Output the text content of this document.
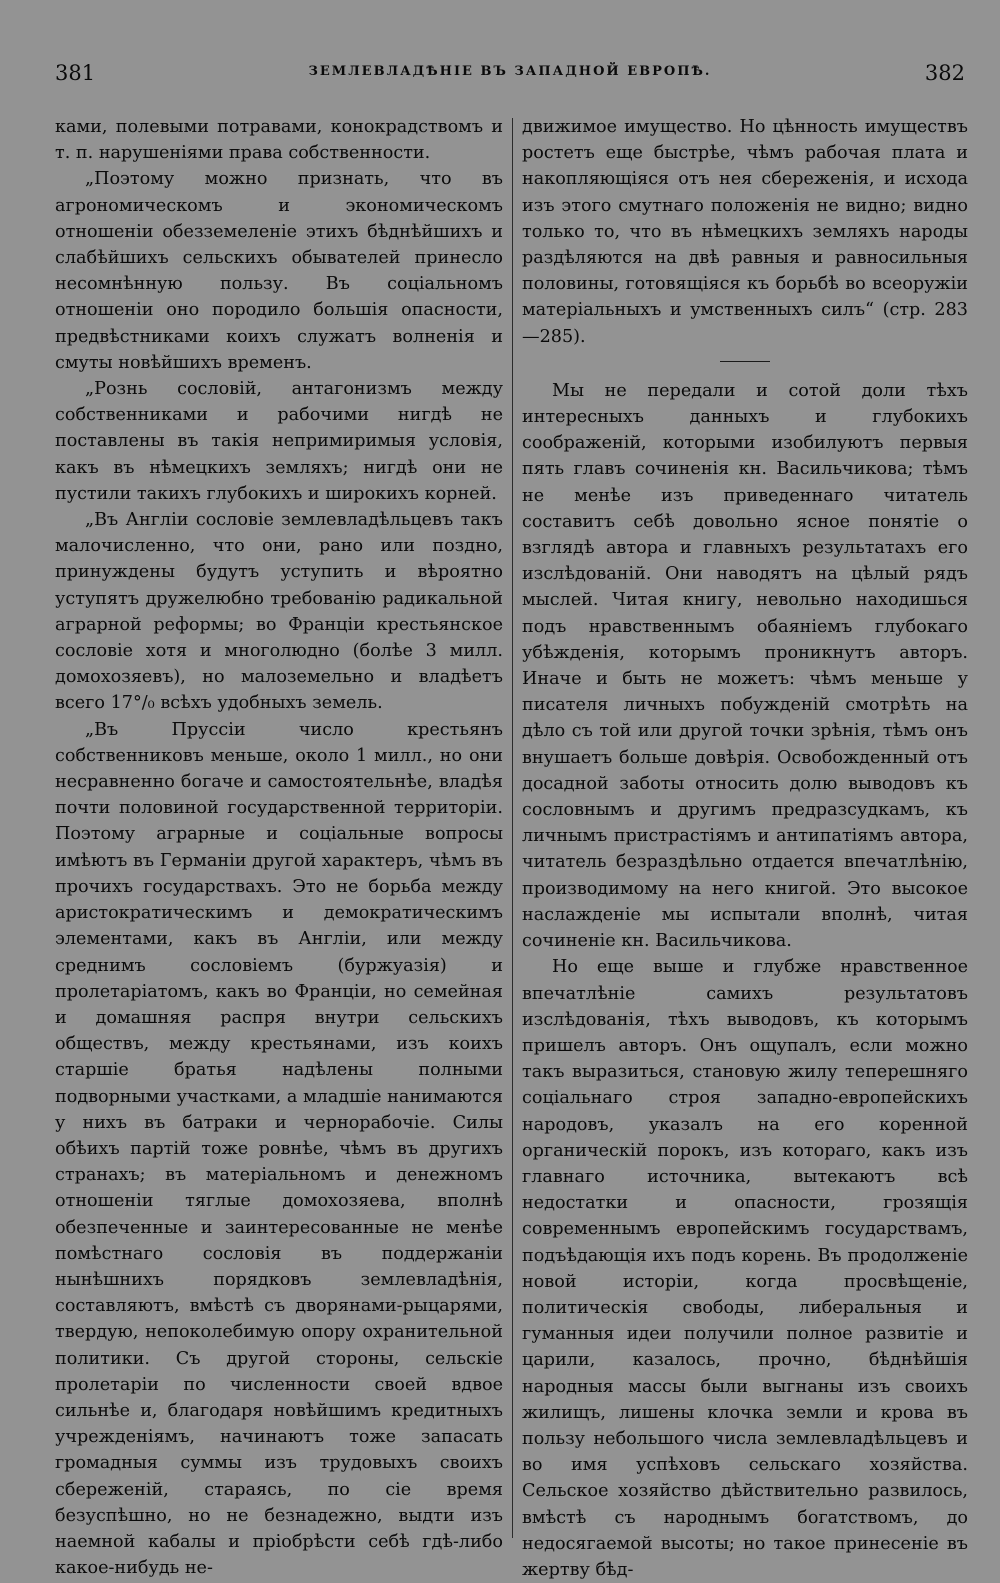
381	ЗЕМЛЕВЛАДѢНІЕ ВЪ ЗАПАДНОЙ ЕВРОПѢ.	382

ками, полевыми потравами, конокрадствомъ и т. п. нарушеніями права собственности.

„Поэтому можно признать, что въ агрономическомъ и экономическомъ отношеніи обезземеленіе этихъ бѣднѣйшихъ и слабѣйшихъ сельскихъ обывателей принесло несомнѣнную пользу. Въ соціальномъ отношеніи оно породило большія опасности, предвѣстниками коихъ служатъ волненія и смуты новѣйшихъ временъ.

„Рознь сословій, антагонизмъ между собственниками и рабочими нигдѣ не поставлены въ такія непримиримыя условія, какъ въ нѣмецкихъ земляхъ; нигдѣ они не пустили такихъ глубокихъ и широкихъ корней.

„Въ Англіи сословіе землевладѣльцевъ такъ малочисленно, что они, рано или поздно, принуждены будутъ уступить и вѣроятно уступятъ дружелюбно требованію радикальной аграрной реформы; во Франціи крестьянское сословіе хотя и многолюдно (болѣе 3 милл. домохозяевъ), но малоземельно и владѣетъ всего 17°/₀ всѣхъ удобныхъ земель.

„Въ Пруссіи число крестьянъ собственниковъ меньше, около 1 милл., но они несравненно богаче и самостоятельнѣе, владѣя почти половиной государственной территоріи. Поэтому аграрные и соціальные вопросы имѣютъ въ Германіи другой характеръ, чѣмъ въ прочихъ государствахъ. Это не борьба между аристократическимъ и демократическимъ элементами, какъ въ Англіи, или между среднимъ сословіемъ (буржуазія) и пролетаріатомъ, какъ во Франціи, но семейная и домашняя распря внутри сельскихъ обществъ, между крестьянами, изъ коихъ старшіе братья надѣлены полными подворными участками, а младшіе нанимаются у нихъ въ батраки и чернорабочіе. Силы обѣихъ партій тоже ровнѣе, чѣмъ въ другихъ странахъ; въ матеріальномъ и денежномъ отношеніи тяглые домохозяева, вполнѣ обезпеченные и заинтересованные не менѣе помѣстнаго сословія въ поддержаніи нынѣшнихъ порядковъ землевладѣнія, составляютъ, вмѣстѣ съ дворянами-рыцарями, твердую, непоколебимую опору охранительной политики. Съ другой стороны, сельскіе пролетаріи по численности своей вдвое сильнѣе и, благодаря новѣйшимъ кредитныхъ учрежденіямъ, начинаютъ тоже запасать громадныя суммы изъ трудовыхъ своихъ сбереженій, стараясь, по сіе время безуспѣшно, но не безнадежно, выдти изъ наемной кабалы и пріобрѣсти себѣ гдѣ-либо какое-нибудь не-

движимое имущество. Но цѣнность имуществъ ростетъ еще быстрѣе, чѣмъ рабочая плата и накопляющіяся отъ нея сбереженія, и исхода изъ этого смутнаго положенія не видно; видно только то, что въ нѣмецкихъ земляхъ народы раздѣляются на двѣ равныя и равносильныя половины, готовящіяся къ борьбѣ во всеоружіи матеріальныхъ и умственныхъ силъ“ (стр. 283—285).

Мы не передали и сотой доли тѣхъ интересныхъ данныхъ и глубокихъ соображеній, которыми изобилуютъ первыя пять главъ сочиненія кн. Васильчикова; тѣмъ не менѣе изъ приведеннаго читатель составитъ себѣ довольно ясное понятіе о взглядѣ автора и главныхъ результатахъ его изслѣдованій. Они наводятъ на цѣлый рядъ мыслей. Читая книгу, невольно находишься подъ нравственнымъ обаяніемъ глубокаго убѣжденія, которымъ проникнутъ авторъ. Иначе и быть не можетъ: чѣмъ меньше у писателя личныхъ побужденій смотрѣть на дѣло съ той или другой точки зрѣнія, тѣмъ онъ внушаетъ больше довѣрія. Освобожденный отъ досадной заботы относить долю выводовъ къ сословнымъ и другимъ предразсудкамъ, къ личнымъ пристрастіямъ и антипатіямъ автора, читатель безраздѣльно отдается впечатлѣнію, производимому на него книгой. Это высокое наслажденіе мы испытали вполнѣ, читая сочиненіе кн. Васильчикова.

Но еще выше и глубже нравственное впечатлѣніе самихъ результатовъ изслѣдованія, тѣхъ выводовъ, къ которымъ пришелъ авторъ. Онъ ощупалъ, если можно такъ выразиться, становую жилу теперешняго соціальнаго строя западно-европейскихъ народовъ, указалъ на его коренной органическій порокъ, изъ котораго, какъ изъ главнаго источника, вытекаютъ всѣ недостатки и опасности, грозящія современнымъ европейскимъ государствамъ, подъѣдающія ихъ подъ корень. Въ продолженіе новой исторіи, когда просвѣщеніе, политическія свободы, либеральныя и гуманныя идеи получили полное развитіе и царили, казалось, прочно, бѣднѣйшія народныя массы были выгнаны изъ своихъ жилищъ, лишены клочка земли и крова въ пользу небольшого числа землевладѣльцевъ и во имя успѣховъ сельскаго хозяйства. Сельское хозяйство дѣйствительно развилось, вмѣстѣ съ народнымъ богатствомъ, до недосягаемой высоты; но такое принесеніе въ жертву бѣд-
